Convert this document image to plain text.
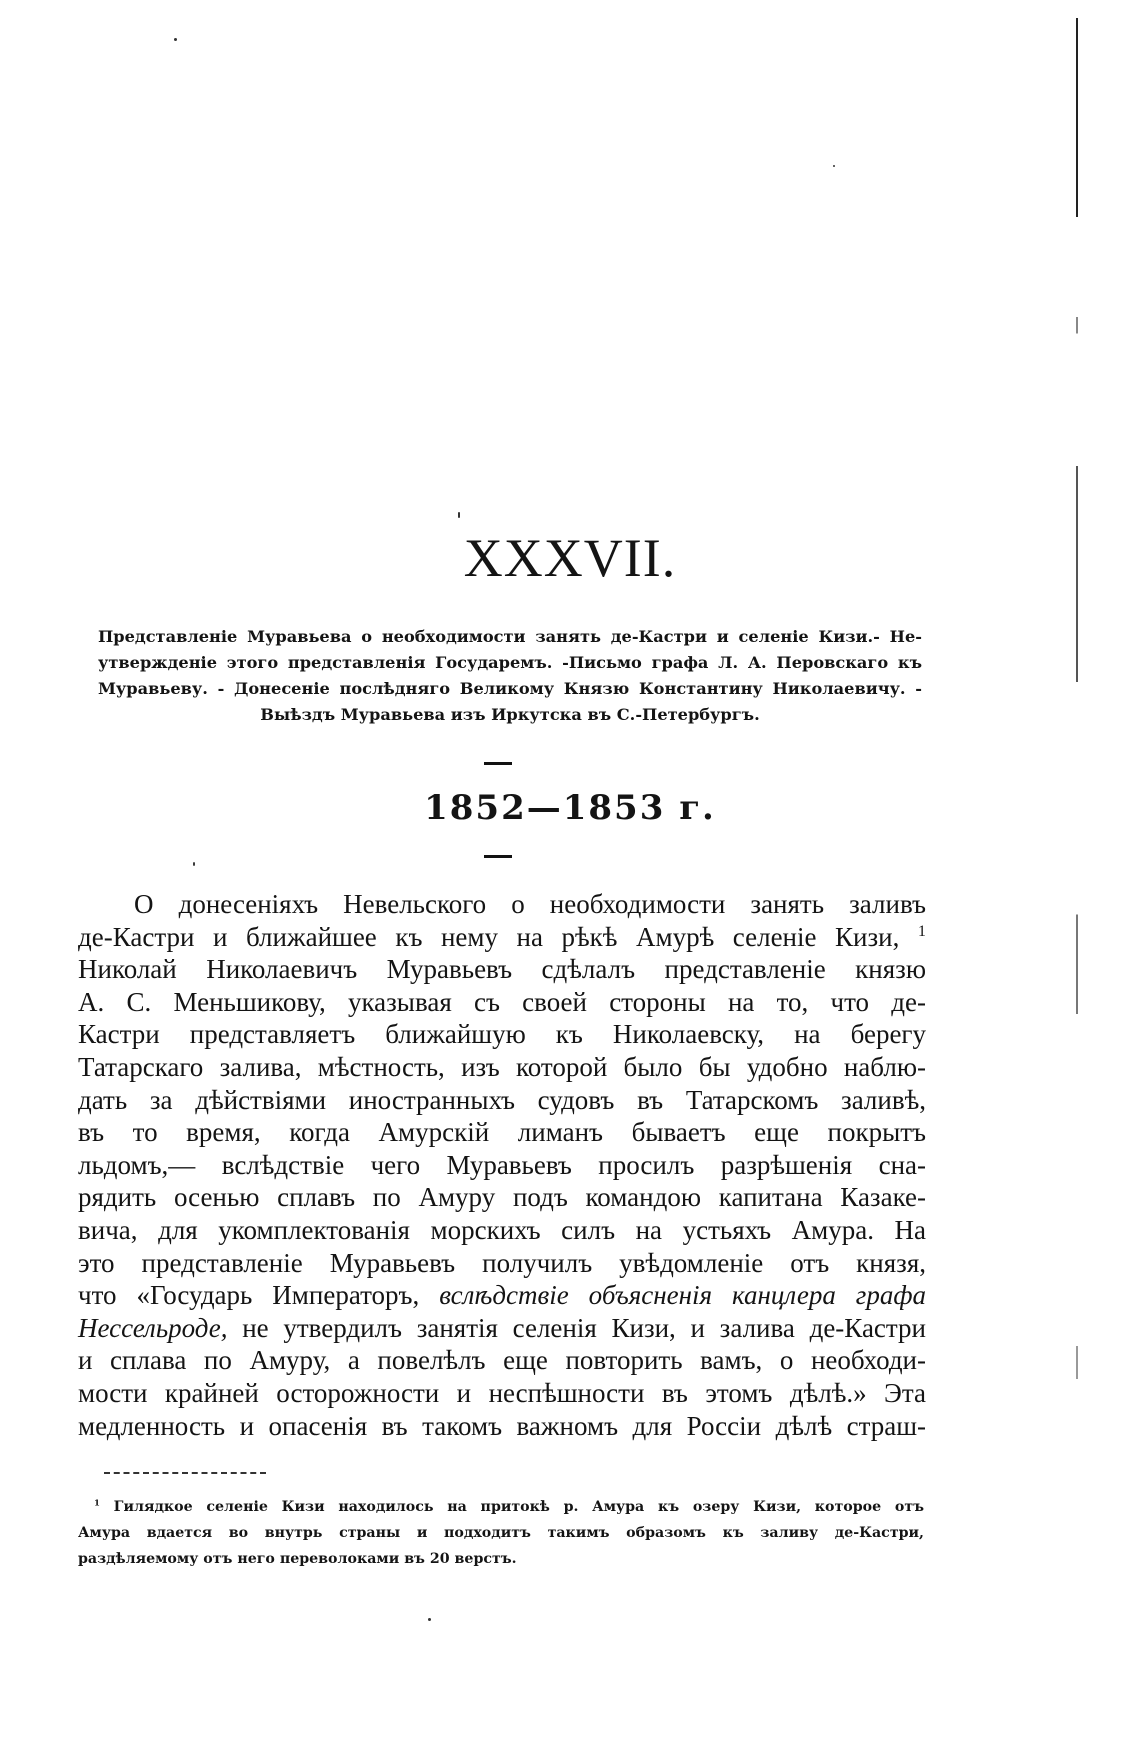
XXXVII.
Представленіе Муравьева о необходимости занять де-Кастри и селеніе Кизи.- Не-
утвержденіе этого представленія Государемъ. -Письмо графа Л. А. Перовскаго къ
Муравьеву. - Донесеніе послѣдняго Великому Князю Константину Николаевичу. -
Выѣздъ Муравьева изъ Иркутска въ С.-Петербургъ.
1852—1853 г.
О донесеніяхъ Невельского о необходимости занять заливъ
де-Кастри и ближайшее къ нему на рѣкѣ Амурѣ селеніе Кизи, $^1$
Николай Николаевичъ Муравьевъ сдѣлалъ представленіе князю
А. С. Меньшикову, указывая съ своей стороны на то, что де-
Кастри представляетъ ближайшую къ Николаевску, на берегу
Татарскаго залива, мѣстность, изъ которой было бы удобно наблю-
дать за дѣйствіями иностранныхъ судовъ въ Татарскомъ заливѣ,
въ то время, когда Амурскій лиманъ бываетъ еще покрытъ
льдомъ,— вслѣдствіе чего Муравьевъ просилъ разрѣшенія сна-
рядить осенью сплавъ по Амуру подъ командою капитана Казаке-
вича, для укомплектованія морскихъ силъ на устьяхъ Амура. На
это представленіе Муравьевъ получилъ увѣдомленіе отъ князя,
что «Государь Императоръ, вслѣдствіе объясненія канцлера графа
Нессельроде, не утвердилъ занятія селенія Кизи, и залива де-Кастри
и сплава по Амуру, а повелѣлъ еще повторить вамъ, о необходи-
мости крайней осторожности и неспѣшности въ этомъ дѣлѣ.» Эта
медленность и опасенія въ такомъ важномъ для Россіи дѣлѣ страш-
$^1$ Гилядкое селеніе Кизи находилось на притокѣ р. Амура къ озеру Кизи, которое отъ
Амура вдается во внутрь страны и подходитъ такимъ образомъ къ заливу де-Кастри,
раздѣляемому отъ него переволоками въ 20 верстъ.
